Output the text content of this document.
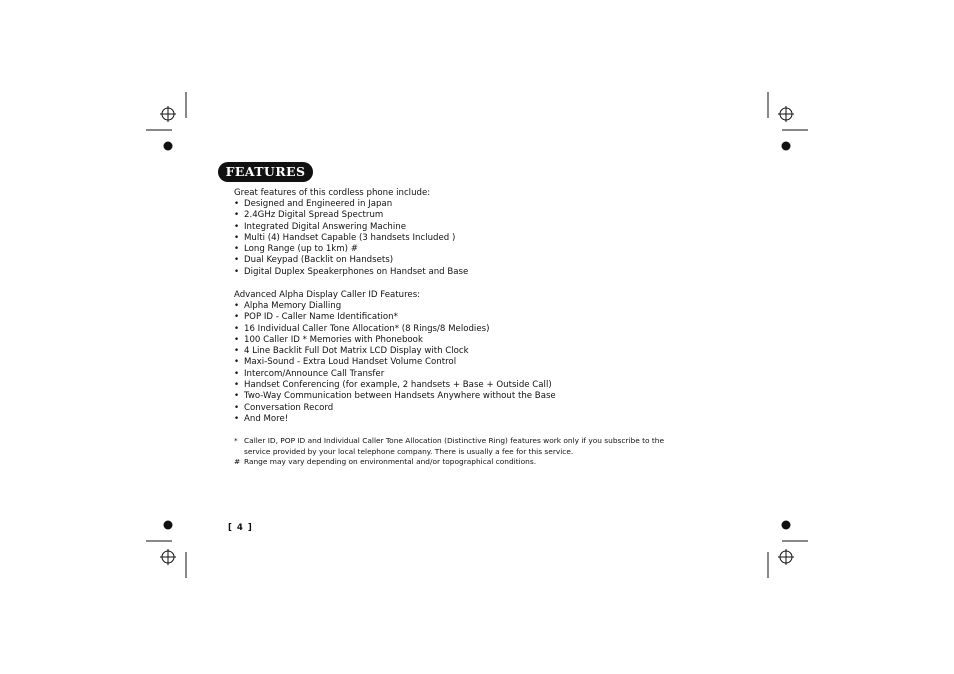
FEATURES
Great features of this cordless phone include:
• Designed and Engineered in Japan
• 2.4GHz Digital Spread Spectrum
• Integrated Digital Answering Machine
• Multi (4) Handset Capable (3 handsets Included )
• Long Range (up to 1km) #
• Dual Keypad (Backlit on Handsets)
• Digital Duplex Speakerphones on Handset and Base
Advanced Alpha Display Caller ID Features:
• Alpha Memory Dialling
• POP ID - Caller Name Identification*
• 16 Individual Caller Tone Allocation* (8 Rings/8 Melodies)
• 100 Caller ID * Memories with Phonebook
• 4 Line Backlit Full Dot Matrix LCD Display with Clock
• Maxi-Sound - Extra Loud Handset Volume Control
• Intercom/Announce Call Transfer
• Handset Conferencing (for example, 2 handsets + Base + Outside Call)
• Two-Way Communication between Handsets Anywhere without the Base
• Conversation Record
• And More!
* Caller ID, POP ID and Individual Caller Tone Allocation (Distinctive Ring) features work only if you subscribe to the
service provided by your local telephone company. There is usually a fee for this service.
# Range may vary depending on environmental and/or topographical conditions.
[ 4 ]
